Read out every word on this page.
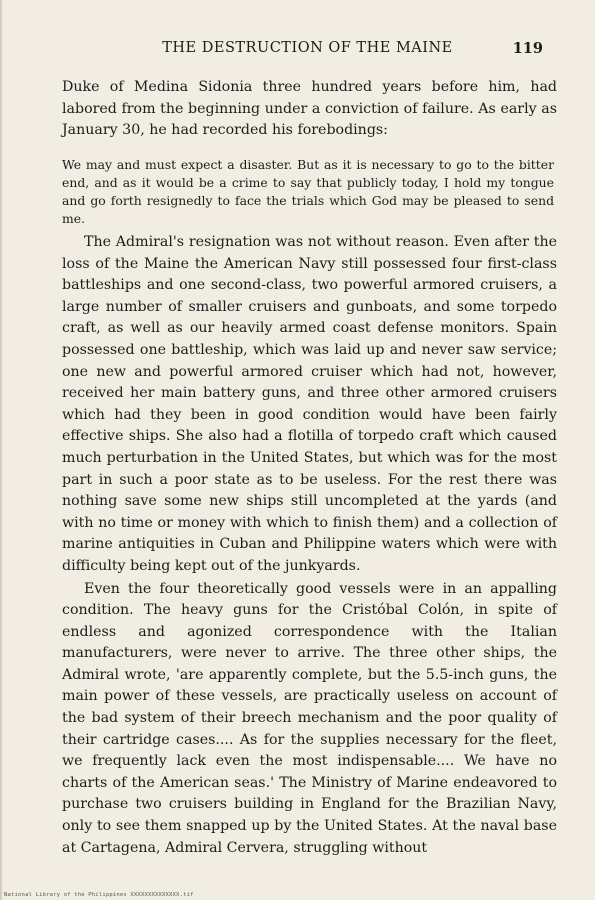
THE DESTRUCTION OF THE MAINE	119

Duke of Medina Sidonia three hundred years before him, had labored from the beginning under a conviction of failure. As early as January 30, he had recorded his forebodings:

We may and must expect a disaster. But as it is necessary to go to the bitter end, and as it would be a crime to say that publicly today, I hold my tongue and go forth resignedly to face the trials which God may be pleased to send me.

The Admiral's resignation was not without reason. Even after the loss of the Maine the American Navy still possessed four first-class battleships and one second-class, two powerful armored cruisers, a large number of smaller cruisers and gunboats, and some torpedo craft, as well as our heavily armed coast defense monitors. Spain possessed one battleship, which was laid up and never saw service; one new and powerful armored cruiser which had not, however, received her main battery guns, and three other armored cruisers which had they been in good condition would have been fairly effective ships. She also had a flotilla of torpedo craft which caused much perturbation in the United States, but which was for the most part in such a poor state as to be useless. For the rest there was nothing save some new ships still uncompleted at the yards (and with no time or money with which to finish them) and a collection of marine antiquities in Cuban and Philippine waters which were with difficulty being kept out of the junkyards.

Even the four theoretically good vessels were in an appalling condition. The heavy guns for the Cristóbal Colón, in spite of endless and agonized correspondence with the Italian manufacturers, were never to arrive. The three other ships, the Admiral wrote, 'are apparently complete, but the 5.5-inch guns, the main power of these vessels, are practically useless on account of the bad system of their breech mechanism and the poor quality of their cartridge cases.... As for the supplies necessary for the fleet, we frequently lack even the most indispensable.... We have no charts of the American seas.' The Ministry of Marine endeavored to purchase two cruisers building in England for the Brazilian Navy, only to see them snapped up by the United States. At the naval base at Cartagena, Admiral Cervera, struggling without

National Library of the Philippines XXXXXXXXXXXXXX.tif
